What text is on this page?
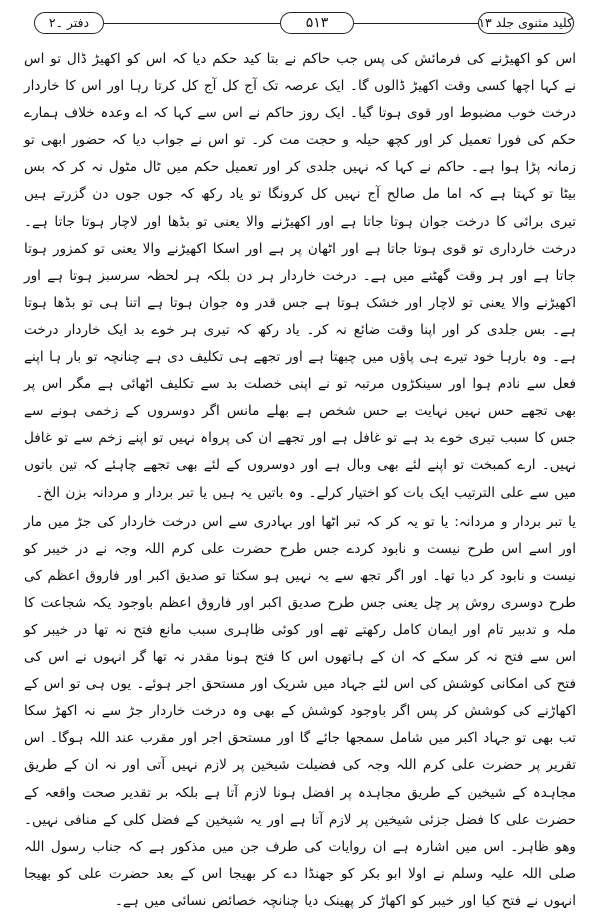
دفتر ۔۲	۵۱۳	کلید مثنوی جلد ۱۳

اس کو اکھیڑنے کی فرمائش کی پس جب حاکم نے بتا کید حکم دیا کہ اس کو اکھیڑ ڈال تو اس نے کہا اچھا کسی وقت اکھیڑ ڈالوں گا۔ ایک عرصہ تک آج کل آج کل کرتا رہا اور اس کا خاردار درخت خوب مضبوط اور قوی ہوتا گیا۔ ایک روز حاکم نے اس سے کہا کہ اے وعدہ خلاف ہمارے حکم کی فورا تعمیل کر اور کچھ حیلہ و حجت مت کر۔ تو اس نے جواب دیا کہ حضور ابھی تو زمانہ پڑا ہوا ہے۔ حاکم نے کہا کہ نہیں جلدی کر اور تعمیل حکم میں ٹال مٹول نہ کر کہ بس بیٹا تو کہتا ہے کہ اما مل صالح آج نہیں کل کرونگا تو یاد رکھ کہ جوں جوں دن گزرتے ہیں تیری برائی کا درخت جوان ہوتا جاتا ہے اور اکھیڑنے والا یعنی تو بڈھا اور لاچار ہوتا جاتا ہے۔ درخت خارداری تو قوی ہوتا جاتا ہے اور اٹھان پر ہے اور اسکا اکھیڑنے والا یعنی تو کمزور ہوتا جاتا ہے اور ہر وقت گھٹنے میں ہے۔ درخت خاردار ہر دن بلکہ ہر لحظہ سرسبز ہوتا ہے اور اکھیڑنے والا یعنی تو لاچار اور خشک ہوتا ہے جس قدر وہ جوان ہوتا ہے اتنا ہی تو بڈھا ہوتا ہے۔ بس جلدی کر اور اپنا وقت ضائع نہ کر۔ یاد رکھ کہ تیری ہر خوے بد ایک خاردار درخت ہے۔ وہ بارہا خود تیرے ہی پاؤں میں چبھتا ہے اور تجھے ہی تکلیف دی ہے چنانچہ تو بار ہا اپنے فعل سے نادم ہوا اور سینکڑوں مرتبہ تو نے اپنی خصلت بد سے تکلیف اٹھائی ہے مگر اس پر بھی تجھے حس نہیں نہایت بے حس شخص ہے بھلے مانس اگر دوسروں کے زخمی ہونے سے جس کا سبب تیری خوے بد ہے تو غافل ہے اور تجھے ان کی پرواہ نہیں تو اپنے زخم سے تو غافل نہیں۔ ارے کمبخت تو اپنے لئے بھی وبال ہے اور دوسروں کے لئے بھی تجھے چاہئے کہ تین باتوں میں سے علی الترتیب ایک بات کو اختیار کرلے۔ وہ باتیں یہ ہیں یا تبر بردار و مردانہ بزن الخ۔

یا تبر بردار و مردانہ: یا تو یہ کر کہ تبر اٹھا اور بہادری سے اس درخت خاردار کی جڑ میں مار اور اسے اس طرح نیست و نابود کردے جس طرح حضرت علی کرم اللہ وجہ نے در خیبر کو نیست و نابود کر دیا تھا۔ اور اگر تجھ سے یہ نہیں ہو سکتا تو صدیق اکبر اور فاروق اعظم کی طرح دوسری روش پر چل یعنی جس طرح صدیق اکبر اور فاروق اعظم باوجود یکہ شجاعت کا ملہ و تدبیر تام اور ایمان کامل رکھتے تھے اور کوئی ظاہری سبب مانع فتح نہ تھا در خیبر کو اس سے فتح نہ کر سکے کہ ان کے ہاتھوں اس کا فتح ہونا مقدر نہ تھا گر انہوں نے اس کی فتح کی امکانی کوشش کی اس لئے جہاد میں شریک اور مستحق اجر ہوئے۔ یوں ہی تو اس کے اکھاڑنے کی کوشش کر پس اگر باوجود کوشش کے بھی وہ درخت خاردار جڑ سے نہ اکھڑ سکا تب بھی تو جہاد اکبر میں شامل سمجھا جائے گا اور مستحق اجر اور مقرب عند اللہ ہوگا۔ اس تقریر پر حضرت علی کرم اللہ وجہ کی فضیلت شیخین پر لازم نہیں آتی اور نہ ان کے طریق مجاہدہ کے شیخین کے طریق مجاہدہ پر افضل ہونا لازم آتا ہے بلکہ بر تقدیر صحت واقعہ کے حضرت علی کا فضل جزئی شیخین پر لازم آتا ہے اور یہ شیخین کے فضل کلی کے منافی نہیں۔ وھو ظاہر۔ اس میں اشارہ ہے ان روایات کی طرف جن میں مذکور ہے کہ جناب رسول اللہ صلی اللہ علیہ وسلم نے اولا ابو بکر کو جھنڈا دے کر بھیجا اس کے بعد حضرت علی کو بھیجا انہوں نے فتح کیا اور خیبر کو اکھاڑ کر پھینک دیا چنانچہ خصائص نسائی میں ہے۔
